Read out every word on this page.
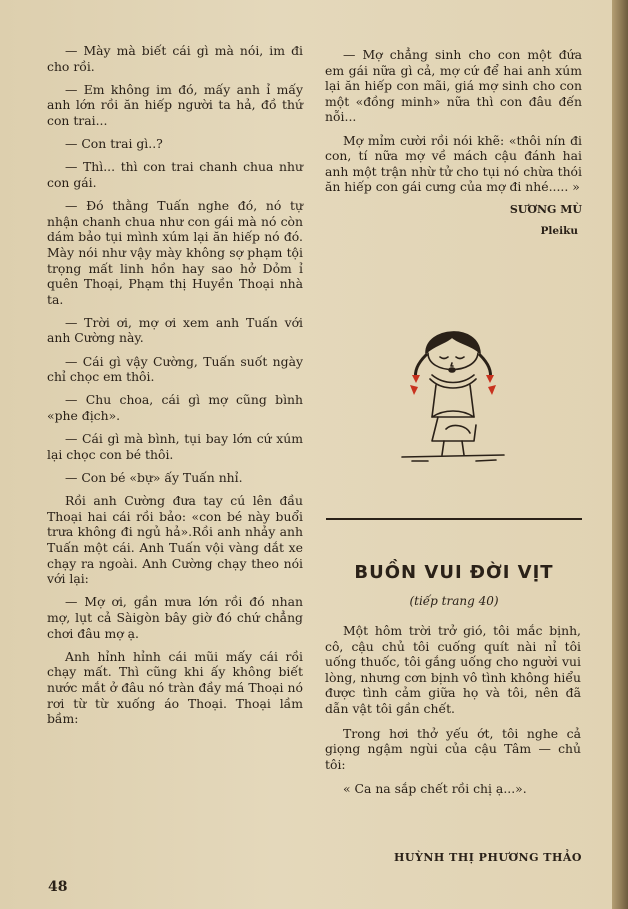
— Mày mà biết cái gì mà nói, im đi cho rồi.

— Em không im đó, mấy anh ỉ mấy anh lớn rồi ăn hiếp người ta hả, đồ thứ con trai...

— Con trai gì..?

— Thì... thì con trai chanh chua như con gái.

— Đó thằng Tuấn nghe đó, nó tự nhận chanh chua như con gái mà nó còn dám bảo tụi mình xúm lại ăn hiếp nó đó. Mày nói như vậy mày không sợ phạm tội trọng mất linh hồn hay sao hở Dỏm ỉ quên Thoại, Phạm thị Huyền Thoại nhà ta.

— Trời ơi, mợ ơi xem anh Tuấn với anh Cường này.

— Cái gì vậy Cường, Tuấn suốt ngày chỉ chọc em thôi.

— Chu choa, cái gì mợ cũng bình «phe địch».

— Cái gì mà bình, tụi bay lớn cứ xúm lại chọc con bé thôi.

— Con bé «bự» ấy Tuấn nhỉ.

Rồi anh Cường đưa tay cú lên đầu Thoại hai cái rồi bảo: «con bé này buổi trưa không đi ngủ hả».Rồi anh nhảy anh Tuấn một cái. Anh Tuấn vội vàng dắt xe chạy ra ngoài. Anh Cường chạy theo nói với lại:

— Mợ ơi, gần mưa lớn rồi đó nhan mợ, lụt cả Sàigòn bây giờ đó chứ chẳng chơi đâu mợ ạ.

Anh hỉnh hỉnh cái mũi mấy cái rồi chạy mất. Thì cũng khi ấy không biết nước mắt ở đâu nó tràn đầy má Thoại nó rơi từ từ xuống áo Thoại. Thoại lầm bầm:

— Mợ chẳng sinh cho con một đứa em gái nữa gì cả, mợ cứ để hai anh xúm lại ăn hiếp con mãi, giá mợ sinh cho con một «đồng minh» nữa thì con đâu đến nỗi...

Mợ mỉm cười rồi nói khẽ: «thôi nín đi con, tí nữa mợ về mách cậu đánh hai anh một trận nhừ tử cho tụi nó chừa thói ăn hiếp con gái cưng của mợ đi nhé..... »

SƯƠNG MÙ

Pleiku

BUỒN VUI ĐỜI VỊT

(tiếp trang 40)

Một hôm trời trở gió, tôi mắc bịnh, cô, cậu chủ tôi cuống quít nài nỉ tôi uống thuốc, tôi gắng uống cho người vui lòng, nhưng cơn bịnh vô tình không hiểu được tình cảm giữa họ và tôi, nên đã dẫn vật tôi gần chết.

Trong hơi thở yếu ớt, tôi nghe cả giọng ngậm ngùi của cậu Tâm — chủ tôi:

« Ca na sắp chết rồi chị ạ...».

HUỲNH THỊ PHƯƠNG THẢO

48
